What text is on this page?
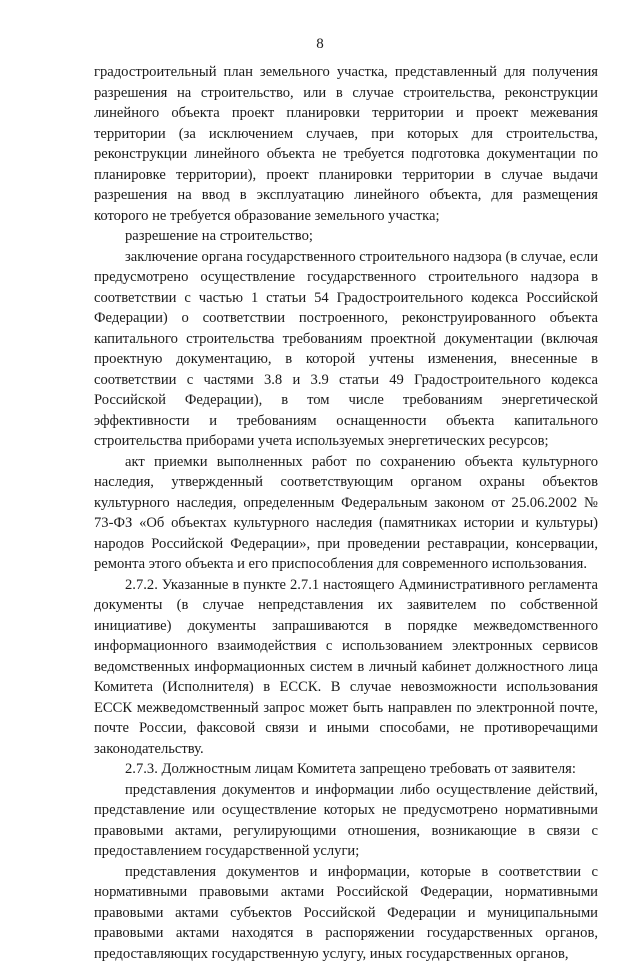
8

градостроительный план земельного участка, представленный для получения разрешения на строительство, или в случае строительства, реконструкции линейного объекта проект планировки территории и проект межевания территории (за исключением случаев, при которых для строительства, реконструкции линейного объекта не требуется подготовка документации по планировке территории), проект планировки территории в случае выдачи разрешения на ввод в эксплуатацию линейного объекта, для размещения которого не требуется образование земельного участка;

разрешение на строительство;

заключение органа государственного строительного надзора (в случае, если предусмотрено осуществление государственного строительного надзора в соответствии с частью 1 статьи 54 Градостроительного кодекса Российской Федерации) о соответствии построенного, реконструированного объекта капитального строительства требованиям проектной документации (включая проектную документацию, в которой учтены изменения, внесенные в соответствии с частями 3.8 и 3.9 статьи 49 Градостроительного кодекса Российской Федерации), в том числе требованиям энергетической эффективности и требованиям оснащенности объекта капитального строительства приборами учета используемых энергетических ресурсов;

акт приемки выполненных работ по сохранению объекта культурного наследия, утвержденный соответствующим органом охраны объектов культурного наследия, определенным Федеральным законом от 25.06.2002 № 73-ФЗ «Об объектах культурного наследия (памятниках истории и культуры) народов Российской Федерации», при проведении реставрации, консервации, ремонта этого объекта и его приспособления для современного использования.

2.7.2. Указанные в пункте 2.7.1 настоящего Административного регламента документы (в случае непредставления их заявителем по собственной инициативе) документы запрашиваются в порядке межведомственного информационного взаимодействия с использованием электронных сервисов ведомственных информационных систем в личный кабинет должностного лица Комитета (Исполнителя) в ЕССК. В случае невозможности использования ЕССК межведомственный запрос может быть направлен по электронной почте, почте России, факсовой связи и иными способами, не противоречащими законодательству.

2.7.3. Должностным лицам Комитета запрещено требовать от заявителя:

представления документов и информации либо осуществление действий, представление или осуществление которых не предусмотрено нормативными правовыми актами, регулирующими отношения, возникающие в связи с предоставлением государственной услуги;

представления документов и информации, которые в соответствии с нормативными правовыми актами Российской Федерации, нормативными правовыми актами субъектов Российской Федерации и муниципальными правовыми актами находятся в распоряжении государственных органов, предоставляющих государственную услугу, иных государственных органов,
